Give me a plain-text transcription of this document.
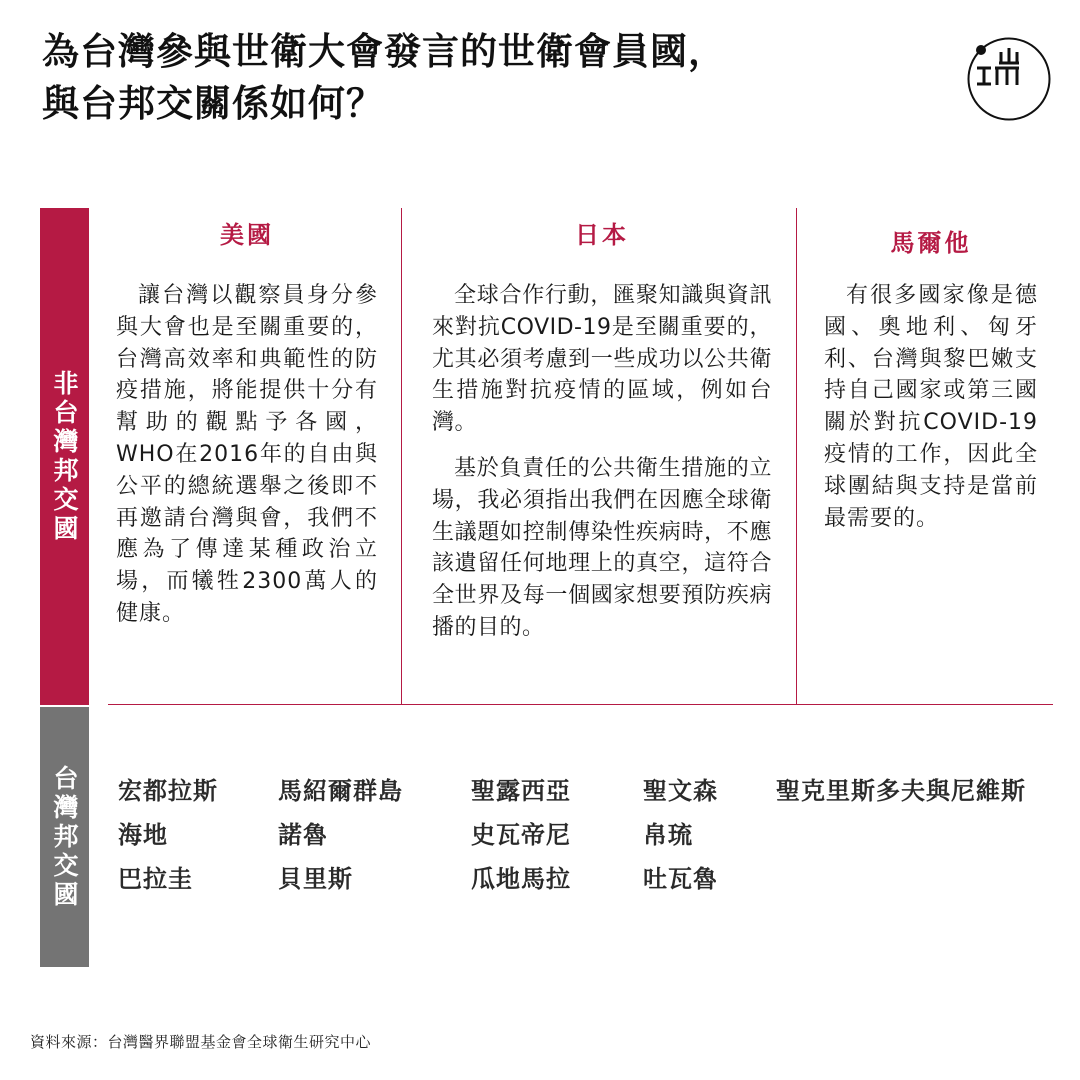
為台灣參與世衛大會發言的世衛會員國，
與台邦交關係如何？
非台灣邦交國
台灣邦交國
美國

讓台灣以觀察員身分參與大會也是至關重要的，台灣高效率和典範性的防疫措施，將能提供十分有幫助的觀點予各國，WHO在2016年的自由與公平的總統選舉之後即不再邀請台灣與會，我們不應為了傳達某種政治立場，而犧牲2300萬人的健康。

日本

全球合作行動，匯聚知識與資訊來對抗COVID-19是至關重要的，尤其必須考慮到一些成功以公共衛生措施對抗疫情的區域，例如台灣。

基於負責任的公共衛生措施的立場，我必須指出我們在因應全球衛生議題如控制傳染性疾病時，不應該遺留任何地理上的真空，這符合全世界及每一個國家想要預防疾病播的目的。

馬爾他

有很多國家像是德國、奧地利、匈牙利、台灣與黎巴嫩支持自己國家或第三國關於對抗COVID-19疫情的工作，因此全球團結與支持是當前最需要的。

宏都拉斯
海地
巴拉圭
馬紹爾群島
諾魯
貝里斯
聖露西亞
史瓦帝尼
瓜地馬拉
聖文森
帛琉
吐瓦魯
聖克里斯多夫與尼維斯
資料來源：台灣醫界聯盟基金會全球衛生研究中心
